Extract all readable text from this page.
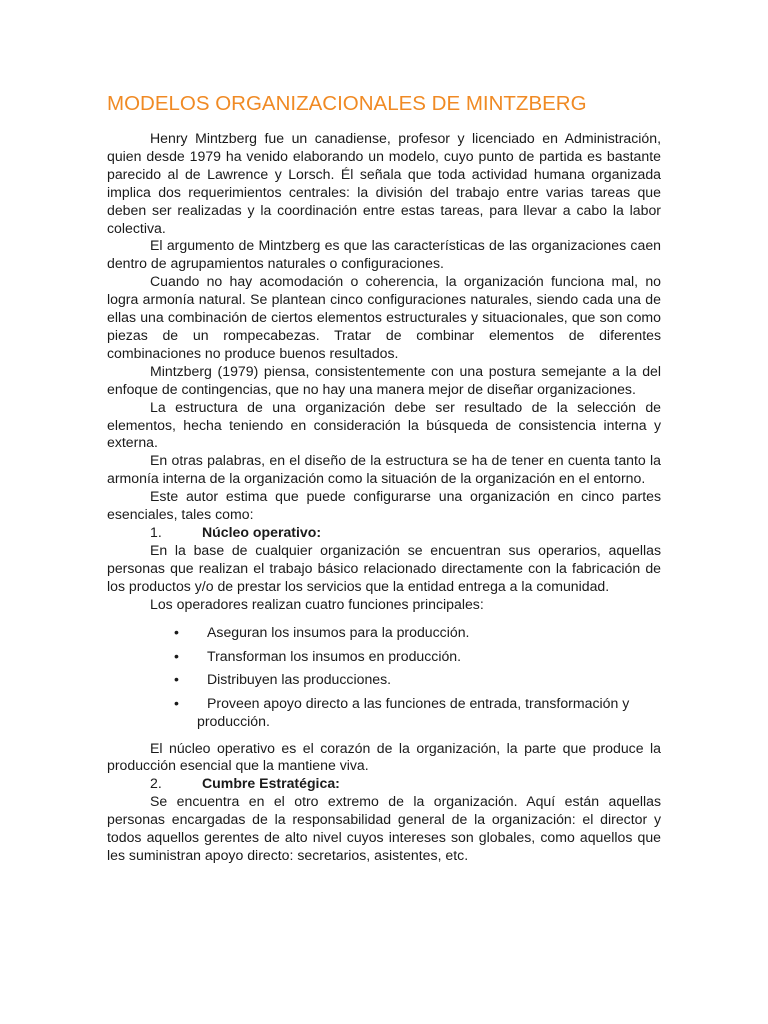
MODELOS ORGANIZACIONALES DE MINTZBERG

Henry Mintzberg fue un canadiense, profesor y licenciado en Administración, quien desde 1979 ha venido elaborando un modelo, cuyo punto de partida es bastante parecido al de Lawrence y Lorsch. Él señala que toda actividad humana organizada implica dos requerimientos centrales: la división del trabajo entre varias tareas que deben ser realizadas y la coordinación entre estas tareas, para llevar a cabo la labor colectiva.

El argumento de Mintzberg es que las características de las organizaciones caen dentro de agrupamientos naturales o configuraciones.

Cuando no hay acomodación o coherencia, la organización funciona mal, no logra armonía natural. Se plantean cinco configuraciones naturales, siendo cada una de ellas una combinación de ciertos elementos estructurales y situacionales, que son como piezas de un rompecabezas. Tratar de combinar elementos de diferentes combinaciones no produce buenos resultados.

Mintzberg (1979) piensa, consistentemente con una postura semejante a la del enfoque de contingencias, que no hay una manera mejor de diseñar organizaciones.

La estructura de una organización debe ser resultado de la selección de elementos, hecha teniendo en consideración la búsqueda de consistencia interna y externa.

En otras palabras, en el diseño de la estructura se ha de tener en cuenta tanto la armonía interna de la organización como la situación de la organización en el entorno.

Este autor estima que puede configurarse una organización en cinco partes esenciales, tales como:

1.	Núcleo operativo:

En la base de cualquier organización se encuentran sus operarios, aquellas personas que realizan el trabajo básico relacionado directamente con la fabricación de los productos y/o de prestar los servicios que la entidad entrega a la comunidad.

Los operadores realizan cuatro funciones principales:

•	Aseguran los insumos para la producción.
•	Transforman los insumos en producción.
•	Distribuyen las producciones.
•	Proveen apoyo directo a las funciones de entrada, transformación y producción.

El núcleo operativo es el corazón de la organización, la parte que produce la producción esencial que la mantiene viva.

2.	Cumbre Estratégica:

Se encuentra en el otro extremo de la organización. Aquí están aquellas personas encargadas de la responsabilidad general de la organización: el director y todos aquellos gerentes de alto nivel cuyos intereses son globales, como aquellos que les suministran apoyo directo: secretarios, asistentes, etc.
